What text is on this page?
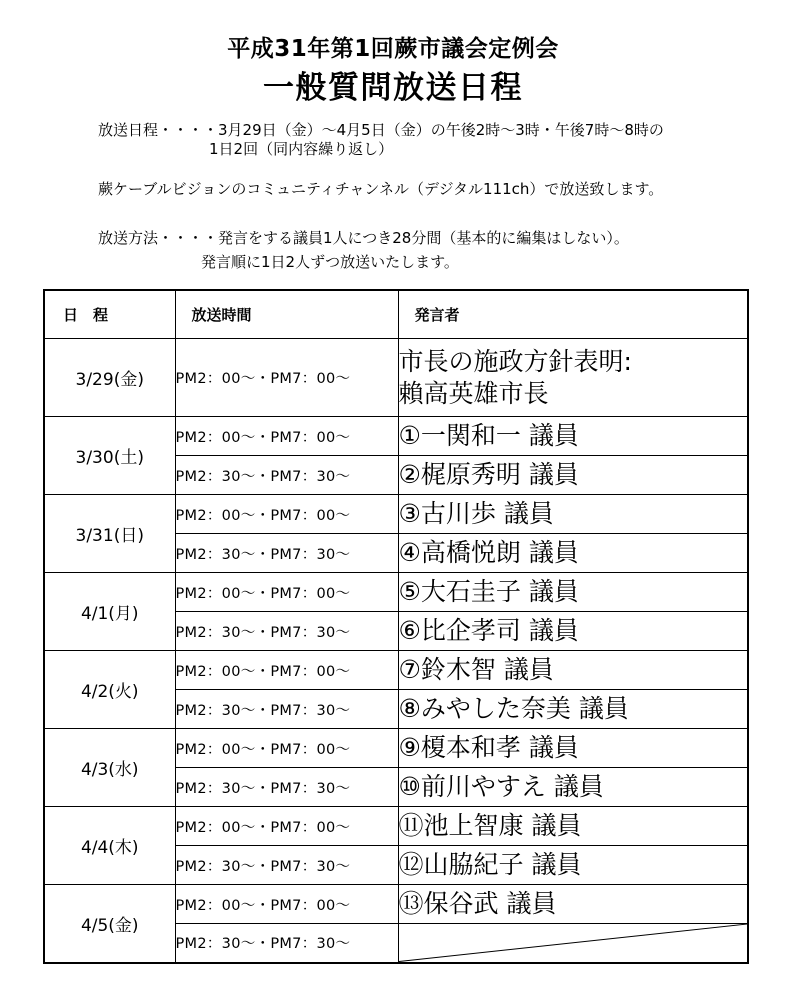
平成31年第1回蕨市議会定例会
一般質問放送日程
放送日程・・・・3月29日（金）～4月5日（金）の午後2時～3時・午後7時～8時の
1日2回（同内容繰り返し）
蕨ケーブルビジョンのコミュニティチャンネル（デジタル111ch）で放送致します。
放送方法・・・・発言をする議員1人につき28分間（基本的に編集はしない）。
発言順に1日2人ずつ放送いたします。
日　程	放送時間	発言者
3/29(金)	PM2：00～・PM7：00～	市長の施政方針表明:
賴高英雄市長

3/30(土)	PM2：00～・PM7：00～	①一関和一 議員
	PM2：30～・PM7：30～	②梶原秀明 議員
3/31(日)	PM2：00～・PM7：00～	③古川歩 議員
	PM2：30～・PM7：30～	④高橋悦朗 議員
4/1(月)	PM2：00～・PM7：00～	⑤大石圭子 議員
	PM2：30～・PM7：30～	⑥比企孝司 議員
4/2(火)	PM2：00～・PM7：00～	⑦鈴木智 議員
	PM2：30～・PM7：30～	⑧みやした奈美 議員
4/3(水)	PM2：00～・PM7：00～	⑨榎本和孝 議員
	PM2：30～・PM7：30～	⑩前川やすえ 議員
4/4(木)	PM2：00～・PM7：00～	⑪池上智康 議員
	PM2：30～・PM7：30～	⑫山脇紀子 議員
4/5(金)	PM2：00～・PM7：00～	⑬保谷武 議員
	PM2：30～・PM7：30～	
